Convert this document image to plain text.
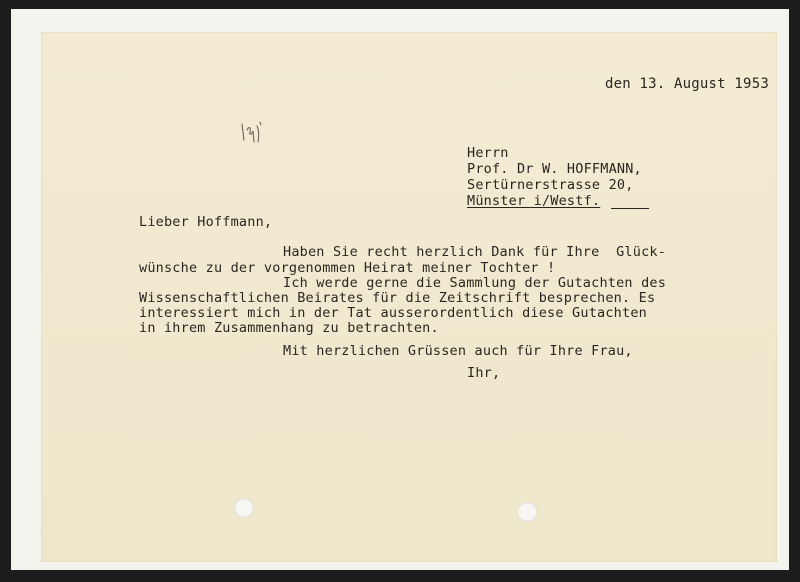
den 13. August 1953
Herrn
Prof. Dr W. HOFFMANN,
Sertürnerstrasse 20,
Münster i/Westf.
Lieber Hoffmann,
Haben Sie recht herzlich Dank für Ihre  Glück-
wünsche zu der vorgenommen Heirat meiner Tochter !
Ich werde gerne die Sammlung der Gutachten des
Wissenschaftlichen Beirates für die Zeitschrift besprechen. Es
interessiert mich in der Tat ausserordentlich diese Gutachten
in ihrem Zusammenhang zu betrachten.
Mit herzlichen Grüssen auch für Ihre Frau,
Ihr,
